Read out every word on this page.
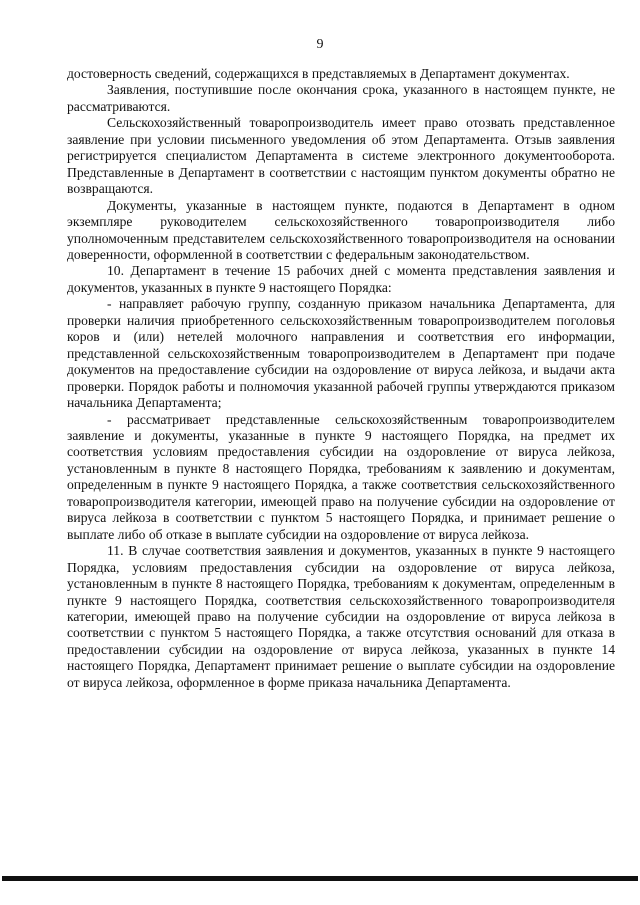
9

достоверность сведений, содержащихся в представляемых в Департамент документах.

Заявления, поступившие после окончания срока, указанного в настоящем пункте, не рассматриваются.

Сельскохозяйственный товаропроизводитель имеет право отозвать представленное заявление при условии письменного уведомления об этом Департамента. Отзыв заявления регистрируется специалистом Департамента в системе электронного документооборота. Представленные в Департамент в соответствии с настоящим пунктом документы обратно не возвращаются.

Документы, указанные в настоящем пункте, подаются в Департамент в одном экземпляре руководителем сельскохозяйственного товаропроизводителя либо уполномоченным представителем сельскохозяйственного товаропроизводителя на основании доверенности, оформленной в соответствии с федеральным законодательством.

10. Департамент в течение 15 рабочих дней с момента представления заявления и документов, указанных в пункте 9 настоящего Порядка:

- направляет рабочую группу, созданную приказом начальника Департамента, для проверки наличия приобретенного сельскохозяйственным товаропроизводителем поголовья коров и (или) нетелей молочного направления и соответствия его информации, представленной сельскохозяйственным товаропроизводителем в Департамент при подаче документов на предоставление субсидии на оздоровление от вируса лейкоза, и выдачи акта проверки. Порядок работы и полномочия указанной рабочей группы утверждаются приказом начальника Департамента;

- рассматривает представленные сельскохозяйственным товаропроизводителем заявление и документы, указанные в пункте 9 настоящего Порядка, на предмет их соответствия условиям предоставления субсидии на оздоровление от вируса лейкоза, установленным в пункте 8 настоящего Порядка, требованиям к заявлению и документам, определенным в пункте 9 настоящего Порядка, а также соответствия сельскохозяйственного товаропроизводителя категории, имеющей право на получение субсидии на оздоровление от вируса лейкоза в соответствии с пунктом 5 настоящего Порядка, и принимает решение о выплате либо об отказе в выплате субсидии на оздоровление от вируса лейкоза.

11. В случае соответствия заявления и документов, указанных в пункте 9 настоящего Порядка, условиям предоставления субсидии на оздоровление от вируса лейкоза, установленным в пункте 8 настоящего Порядка, требованиям к документам, определенным в пункте 9 настоящего Порядка, соответствия сельскохозяйственного товаропроизводителя категории, имеющей право на получение субсидии на оздоровление от вируса лейкоза в соответствии с пунктом 5 настоящего Порядка, а также отсутствия оснований для отказа в предоставлении субсидии на оздоровление от вируса лейкоза, указанных в пункте 14 настоящего Порядка, Департамент принимает решение о выплате субсидии на оздоровление от вируса лейкоза, оформленное в форме приказа начальника Департамента.
